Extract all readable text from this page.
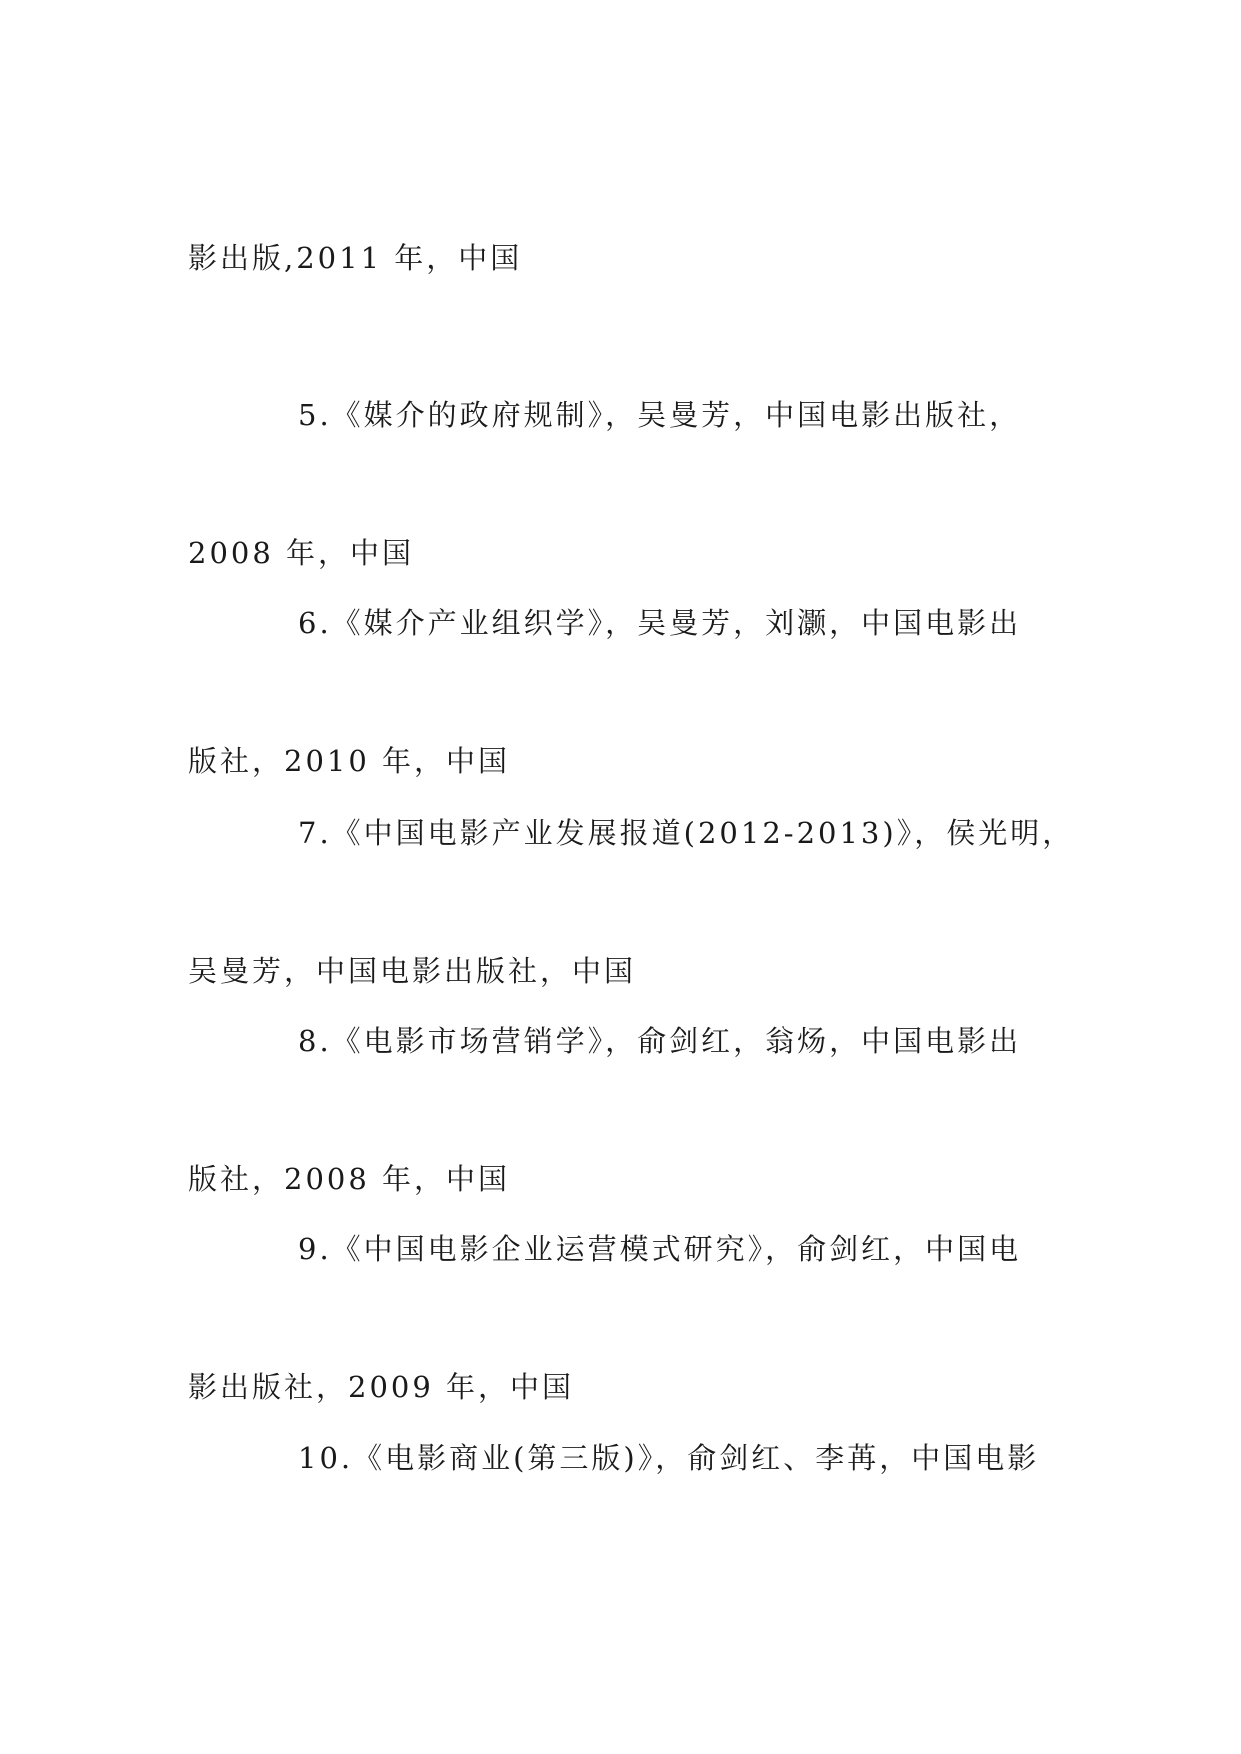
影出版,2011 年，中国

5.《媒介的政府规制》，吴曼芳，中国电影出版社，

2008 年，中国

6.《媒介产业组织学》，吴曼芳，刘灏，中国电影出

版社，2010 年，中国

7.《中国电影产业发展报道(2012-2013)》，侯光明，

吴曼芳，中国电影出版社，中国

8.《电影市场营销学》，俞剑红，翁炀，中国电影出

版社，2008 年，中国

9.《中国电影企业运营模式研究》，俞剑红，中国电

影出版社，2009 年，中国

10.《电影商业(第三版)》，俞剑红、李苒，中国电影
